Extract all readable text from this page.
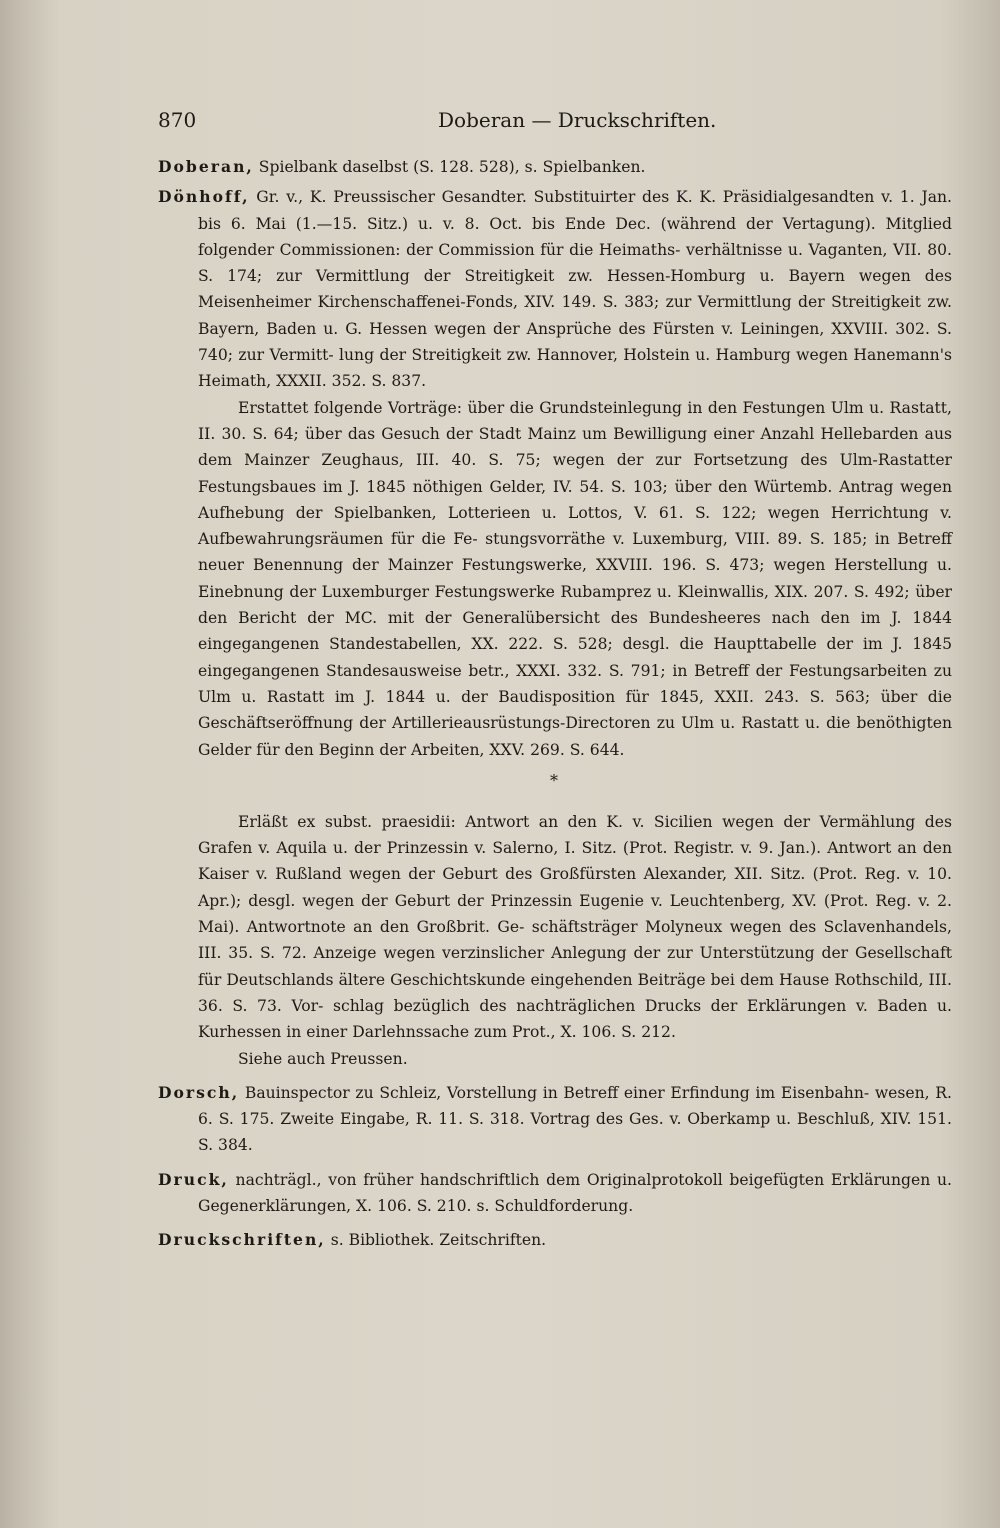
870	Doberan — Druckschriften.

Doberan, Spielbank daselbst (S. 128. 528), s. Spielbanken.

Dönhoff, Gr. v., K. Preussischer Gesandter. Substituirter des K. K. Präsidialgesandten v. 1. Jan. bis 6. Mai (1.—15. Sitz.) u. v. 8. Oct. bis Ende Dec. (während der Vertagung). Mitglied folgender Commissionen: der Commission für die Heimaths- verhältnisse u. Vaganten, VII. 80. S. 174; zur Vermittlung der Streitigkeit zw. Hessen-Homburg u. Bayern wegen des Meisenheimer Kirchenschaffenei-Fonds, XIV. 149. S. 383; zur Vermittlung der Streitigkeit zw. Bayern, Baden u. G. Hessen wegen der Ansprüche des Fürsten v. Leiningen, XXVIII. 302. S. 740; zur Vermitt- lung der Streitigkeit zw. Hannover, Holstein u. Hamburg wegen Hanemann's Heimath, XXXII. 352. S. 837.

Erstattet folgende Vorträge: über die Grundsteinlegung in den Festungen Ulm u. Rastatt, II. 30. S. 64; über das Gesuch der Stadt Mainz um Bewilligung einer Anzahl Hellebarden aus dem Mainzer Zeughaus, III. 40. S. 75; wegen der zur Fortsetzung des Ulm-Rastatter Festungsbaues im J. 1845 nöthigen Gelder, IV. 54. S. 103; über den Würtemb. Antrag wegen Aufhebung der Spielbanken, Lotterieen u. Lottos, V. 61. S. 122; wegen Herrichtung v. Aufbewahrungsräumen für die Fe- stungsvorräthe v. Luxemburg, VIII. 89. S. 185; in Betreff neuer Benennung der Mainzer Festungswerke, XXVIII. 196. S. 473; wegen Herstellung u. Einebnung der Luxemburger Festungswerke Rubamprez u. Kleinwallis, XIX. 207. S. 492; über den Bericht der MC. mit der Generalübersicht des Bundesheeres nach den im J. 1844 eingegangenen Standestabellen, XX. 222. S. 528; desgl. die Haupttabelle der im J. 1845 eingegangenen Standesausweise betr., XXXI. 332. S. 791; in Betreff der Festungsarbeiten zu Ulm u. Rastatt im J. 1844 u. der Baudisposition für 1845, XXII. 243. S. 563; über die Geschäftseröffnung der Artillerieausrüstungs-Directoren zu Ulm u. Rastatt u. die benöthigten Gelder für den Beginn der Arbeiten, XXV. 269. S. 644.

*

Erläßt ex subst. praesidii: Antwort an den K. v. Sicilien wegen der Vermählung des Grafen v. Aquila u. der Prinzessin v. Salerno, I. Sitz. (Prot. Registr. v. 9. Jan.). Antwort an den Kaiser v. Rußland wegen der Geburt des Großfürsten Alexander, XII. Sitz. (Prot. Reg. v. 10. Apr.); desgl. wegen der Geburt der Prinzessin Eugenie v. Leuchtenberg, XV. (Prot. Reg. v. 2. Mai). Antwortnote an den Großbrit. Ge- schäftsträger Molyneux wegen des Sclavenhandels, III. 35. S. 72. Anzeige wegen verzinslicher Anlegung der zur Unterstützung der Gesellschaft für Deutschlands ältere Geschichtskunde eingehenden Beiträge bei dem Hause Rothschild, III. 36. S. 73. Vor- schlag bezüglich des nachträglichen Drucks der Erklärungen v. Baden u. Kurhessen in einer Darlehnssache zum Prot., X. 106. S. 212.

Siehe auch Preussen.

Dorsch, Bauinspector zu Schleiz, Vorstellung in Betreff einer Erfindung im Eisenbahn- wesen, R. 6. S. 175. Zweite Eingabe, R. 11. S. 318. Vortrag des Ges. v. Oberkamp u. Beschluß, XIV. 151. S. 384.

Druck, nachträgl., von früher handschriftlich dem Originalprotokoll beigefügten Erklärungen u. Gegenerklärungen, X. 106. S. 210. s. Schuldforderung.

Druckschriften, s. Bibliothek. Zeitschriften.
